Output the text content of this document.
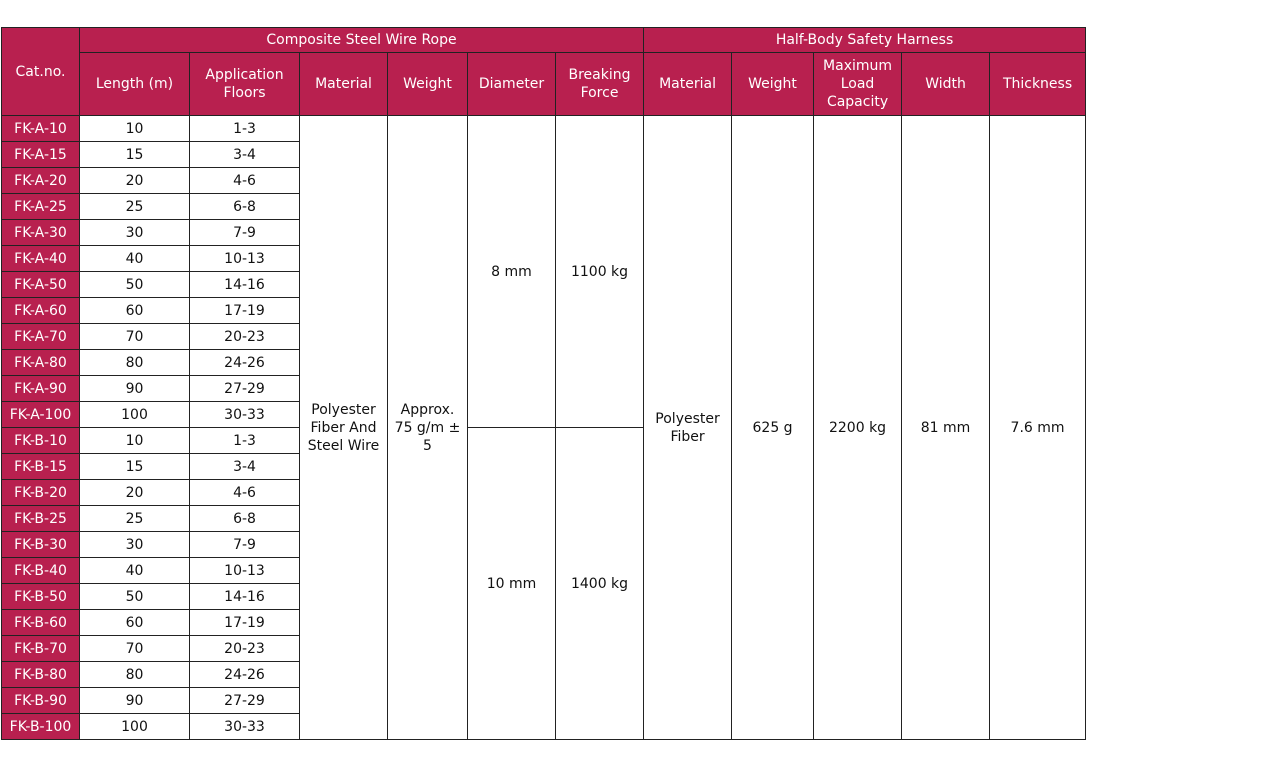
Cat.no.	Composite Steel Wire Rope						Half-Body Safety Harness				
	Length (m)	Application Floors	Material	Weight	Diameter	Breaking Force	Material	Weight	Maximum Load Capacity	Width	Thickness
FK-A-10	10	1-3	Polyester Fiber And Steel Wire	Approx. 75 g/m ± 5	8 mm	1100 kg	Polyester Fiber	625 g	2200 kg	81 mm	7.6 mm
FK-A-15	15	3-4									
FK-A-20	20	4-6									
FK-A-25	25	6-8									
FK-A-30	30	7-9									
FK-A-40	40	10-13									
FK-A-50	50	14-16									
FK-A-60	60	17-19									
FK-A-70	70	20-23									
FK-A-80	80	24-26									
FK-A-90	90	27-29									
FK-A-100	100	30-33									
FK-B-10	10	1-3			10 mm	1400 kg					
FK-B-15	15	3-4									
FK-B-20	20	4-6									
FK-B-25	25	6-8									
FK-B-30	30	7-9									
FK-B-40	40	10-13									
FK-B-50	50	14-16									
FK-B-60	60	17-19									
FK-B-70	70	20-23									
FK-B-80	80	24-26									
FK-B-90	90	27-29									
FK-B-100	100	30-33									
